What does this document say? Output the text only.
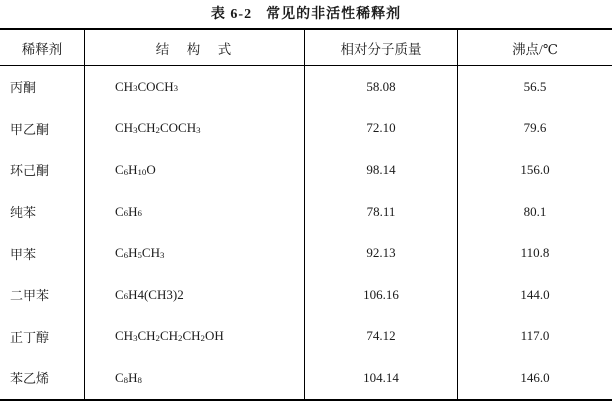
表 6-2 常见的非活性稀释剂
稀释剂	结　构　式	相对分子质量	沸点/℃
丙酮	$CH_3$ $COCH_3$	58.08	56.5
甲乙酮	$CH_3$ $CH_2$ $COCH_3$	72.10	79.6
环己酮	$C_6$ $H_{10}$ O	98.14	156.0
纯苯	$C_6$ $H_6$	78.11	80.1
甲苯	$C_6$ $H_5$ $CH_3$	92.13	110.8
二甲苯	$C_6$ H4(CH3)2	106.16	144.0
正丁醇	$CH_3$ $CH_2$ $CH_2$ $CH_2$ OH	74.12	117.0
苯乙烯	$C_8$ $H_8$	104.14	146.0
